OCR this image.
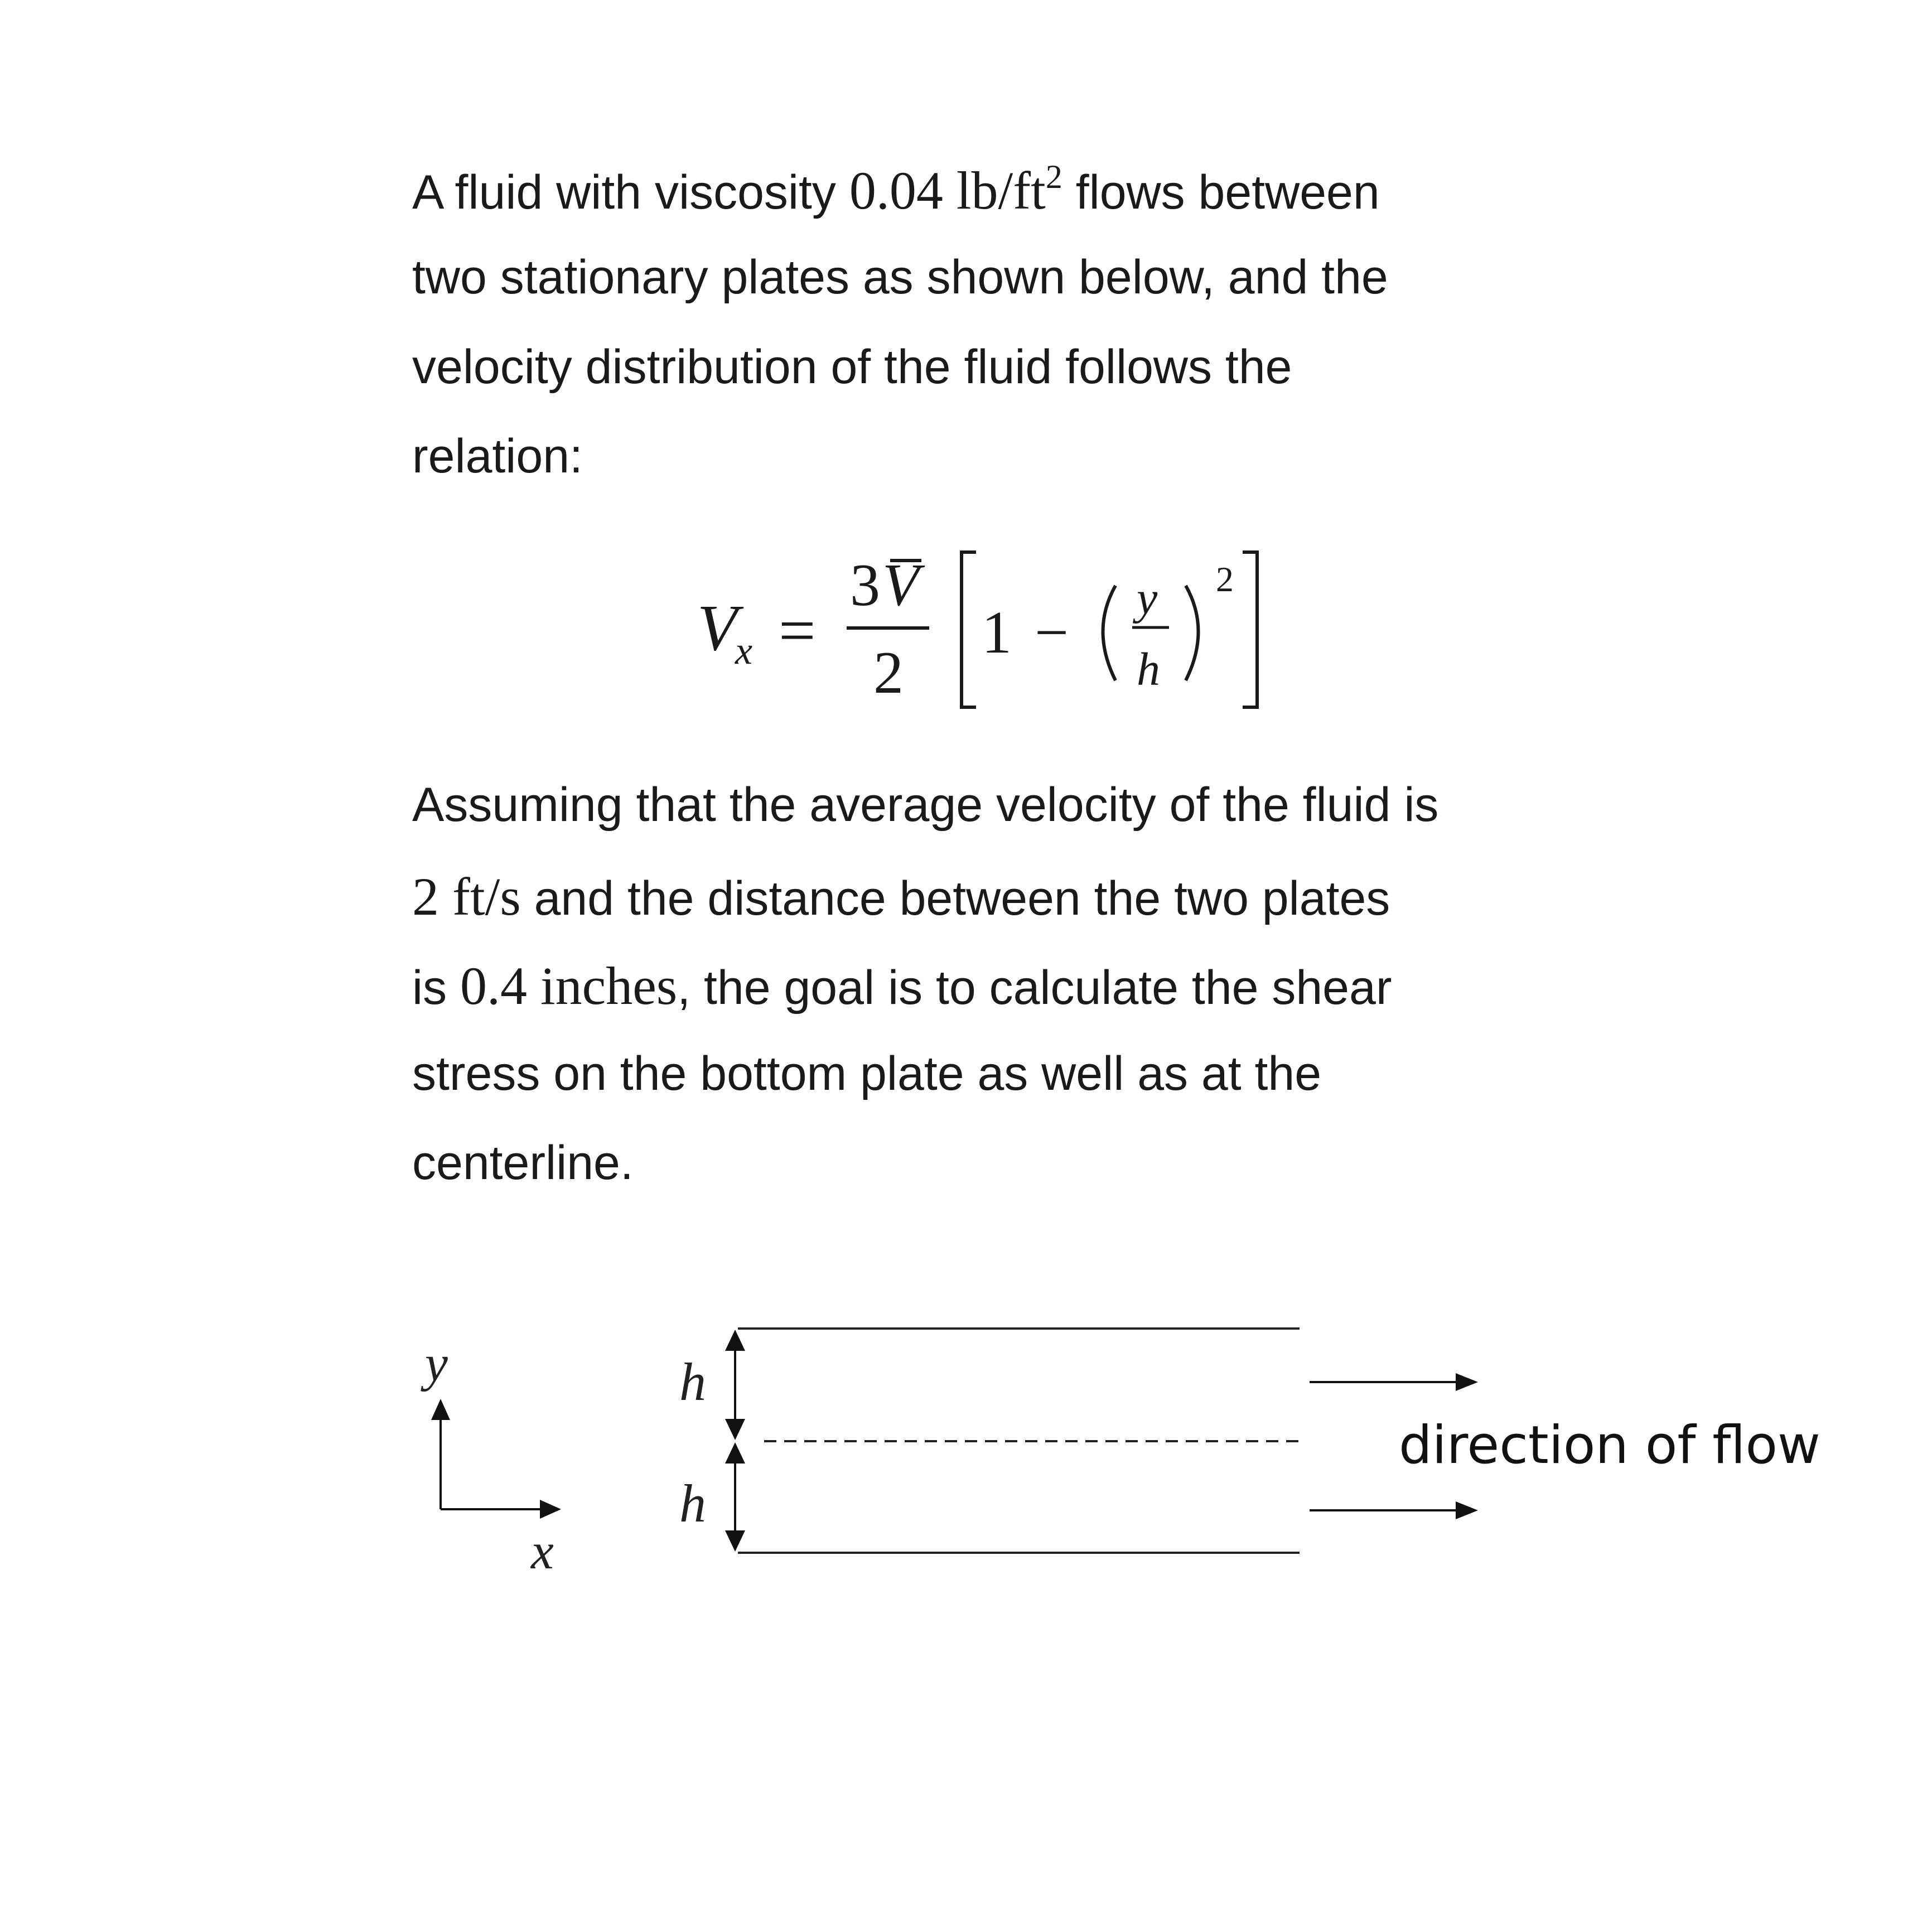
A fluid with viscosity 0.04 $lb/ft^2$ flows between
two stationary plates as shown below, and the
velocity distribution of the fluid follows the
relation:
Assuming that the average velocity of the fluid is
2 ft/s and the distance between the two plates
is 0.4 inches, the goal is to calculate the shear
stress on the bottom plate as well as at the
centerline.
V
x =
3 V
2
1 −
y
h
2
y
x
h
h
direction of flow
